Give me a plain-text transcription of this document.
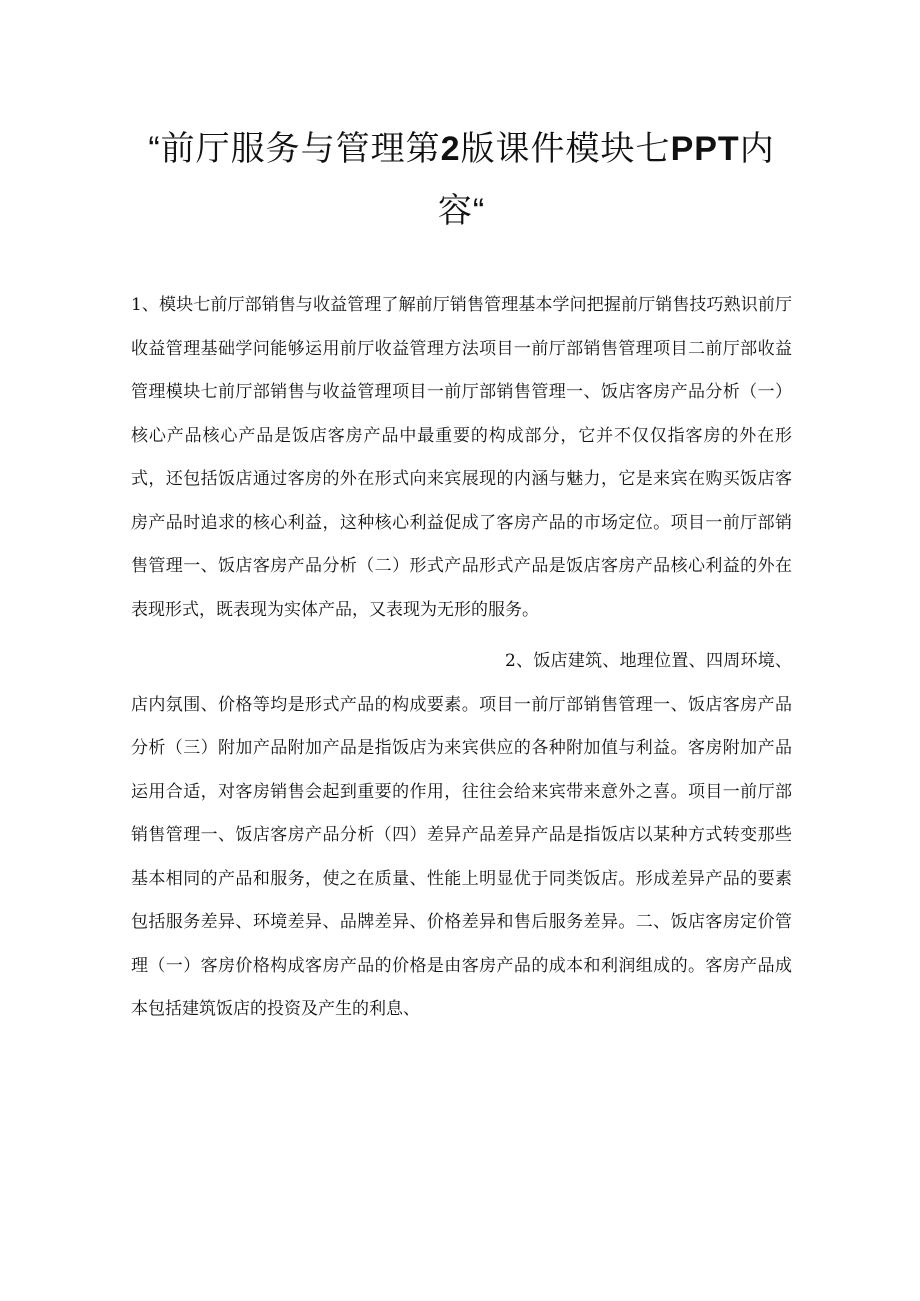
“前厅服务与管理第2版课件模块七PPT内容“

1、模块七前厅部销售与收益管理了解前厅销售管理基本学问把握前厅销售技巧熟识前厅收益管理基础学问能够运用前厅收益管理方法项目一前厅部销售管理项目二前厅部收益管理模块七前厅部销售与收益管理项目一前厅部销售管理一、饭店客房产品分析（一）核心产品核心产品是饭店客房产品中最重要的构成部分，它并不仅仅指客房的外在形式，还包括饭店通过客房的外在形式向来宾展现的内涵与魅力，它是来宾在购买饭店客房产品时追求的核心利益，这种核心利益促成了客房产品的市场定位。项目一前厅部销售管理一、饭店客房产品分析（二）形式产品形式产品是饭店客房产品核心利益的外在表现形式，既表现为实体产品，又表现为无形的服务。

2、饭店建筑、地理位置、四周环境、店内氛围、价格等均是形式产品的构成要素。项目一前厅部销售管理一、饭店客房产品分析（三）附加产品附加产品是指饭店为来宾供应的各种附加值与利益。客房附加产品运用合适，对客房销售会起到重要的作用，往往会给来宾带来意外之喜。项目一前厅部销售管理一、饭店客房产品分析（四）差异产品差异产品是指饭店以某种方式转变那些基本相同的产品和服务，使之在质量、性能上明显优于同类饭店。形成差异产品的要素包括服务差异、环境差异、品牌差异、价格差异和售后服务差异。二、饭店客房定价管理（一）客房价格构成客房产品的价格是由客房产品的成本和利润组成的。客房产品成本包括建筑饭店的投资及产生的利息、
